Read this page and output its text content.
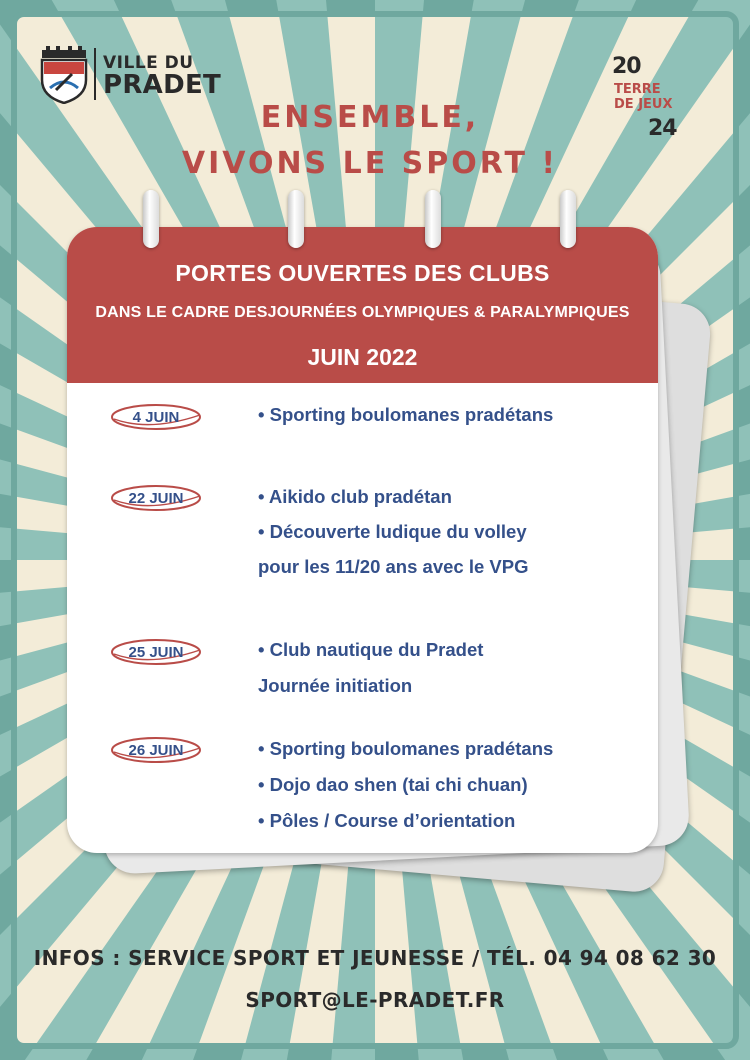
VILLE DU
PRADET
20
TERRE
DE JEUX
24
ENSEMBLE,
VIVONS LE SPORT !
PORTES OUVERTES DES CLUBS
DANS LE CADRE DESJOURNÉES OLYMPIQUES & PARALYMPIQUES
JUIN 2022
4 JUIN	• Sporting boulomanes pradétans
22 JUIN	• Aikido club pradétan
• Découverte ludique du volley
pour les 11/20 ans avec le VPG
25 JUIN	• Club nautique du Pradet
Journée initiation
26 JUIN	• Sporting boulomanes pradétans
• Dojo dao shen (tai chi chuan)
• Pôles / Course d’orientation
INFOS : SERVICE SPORT ET JEUNESSE / TÉL. 04 94 08 62 30
SPORT@LE-PRADET.FR
